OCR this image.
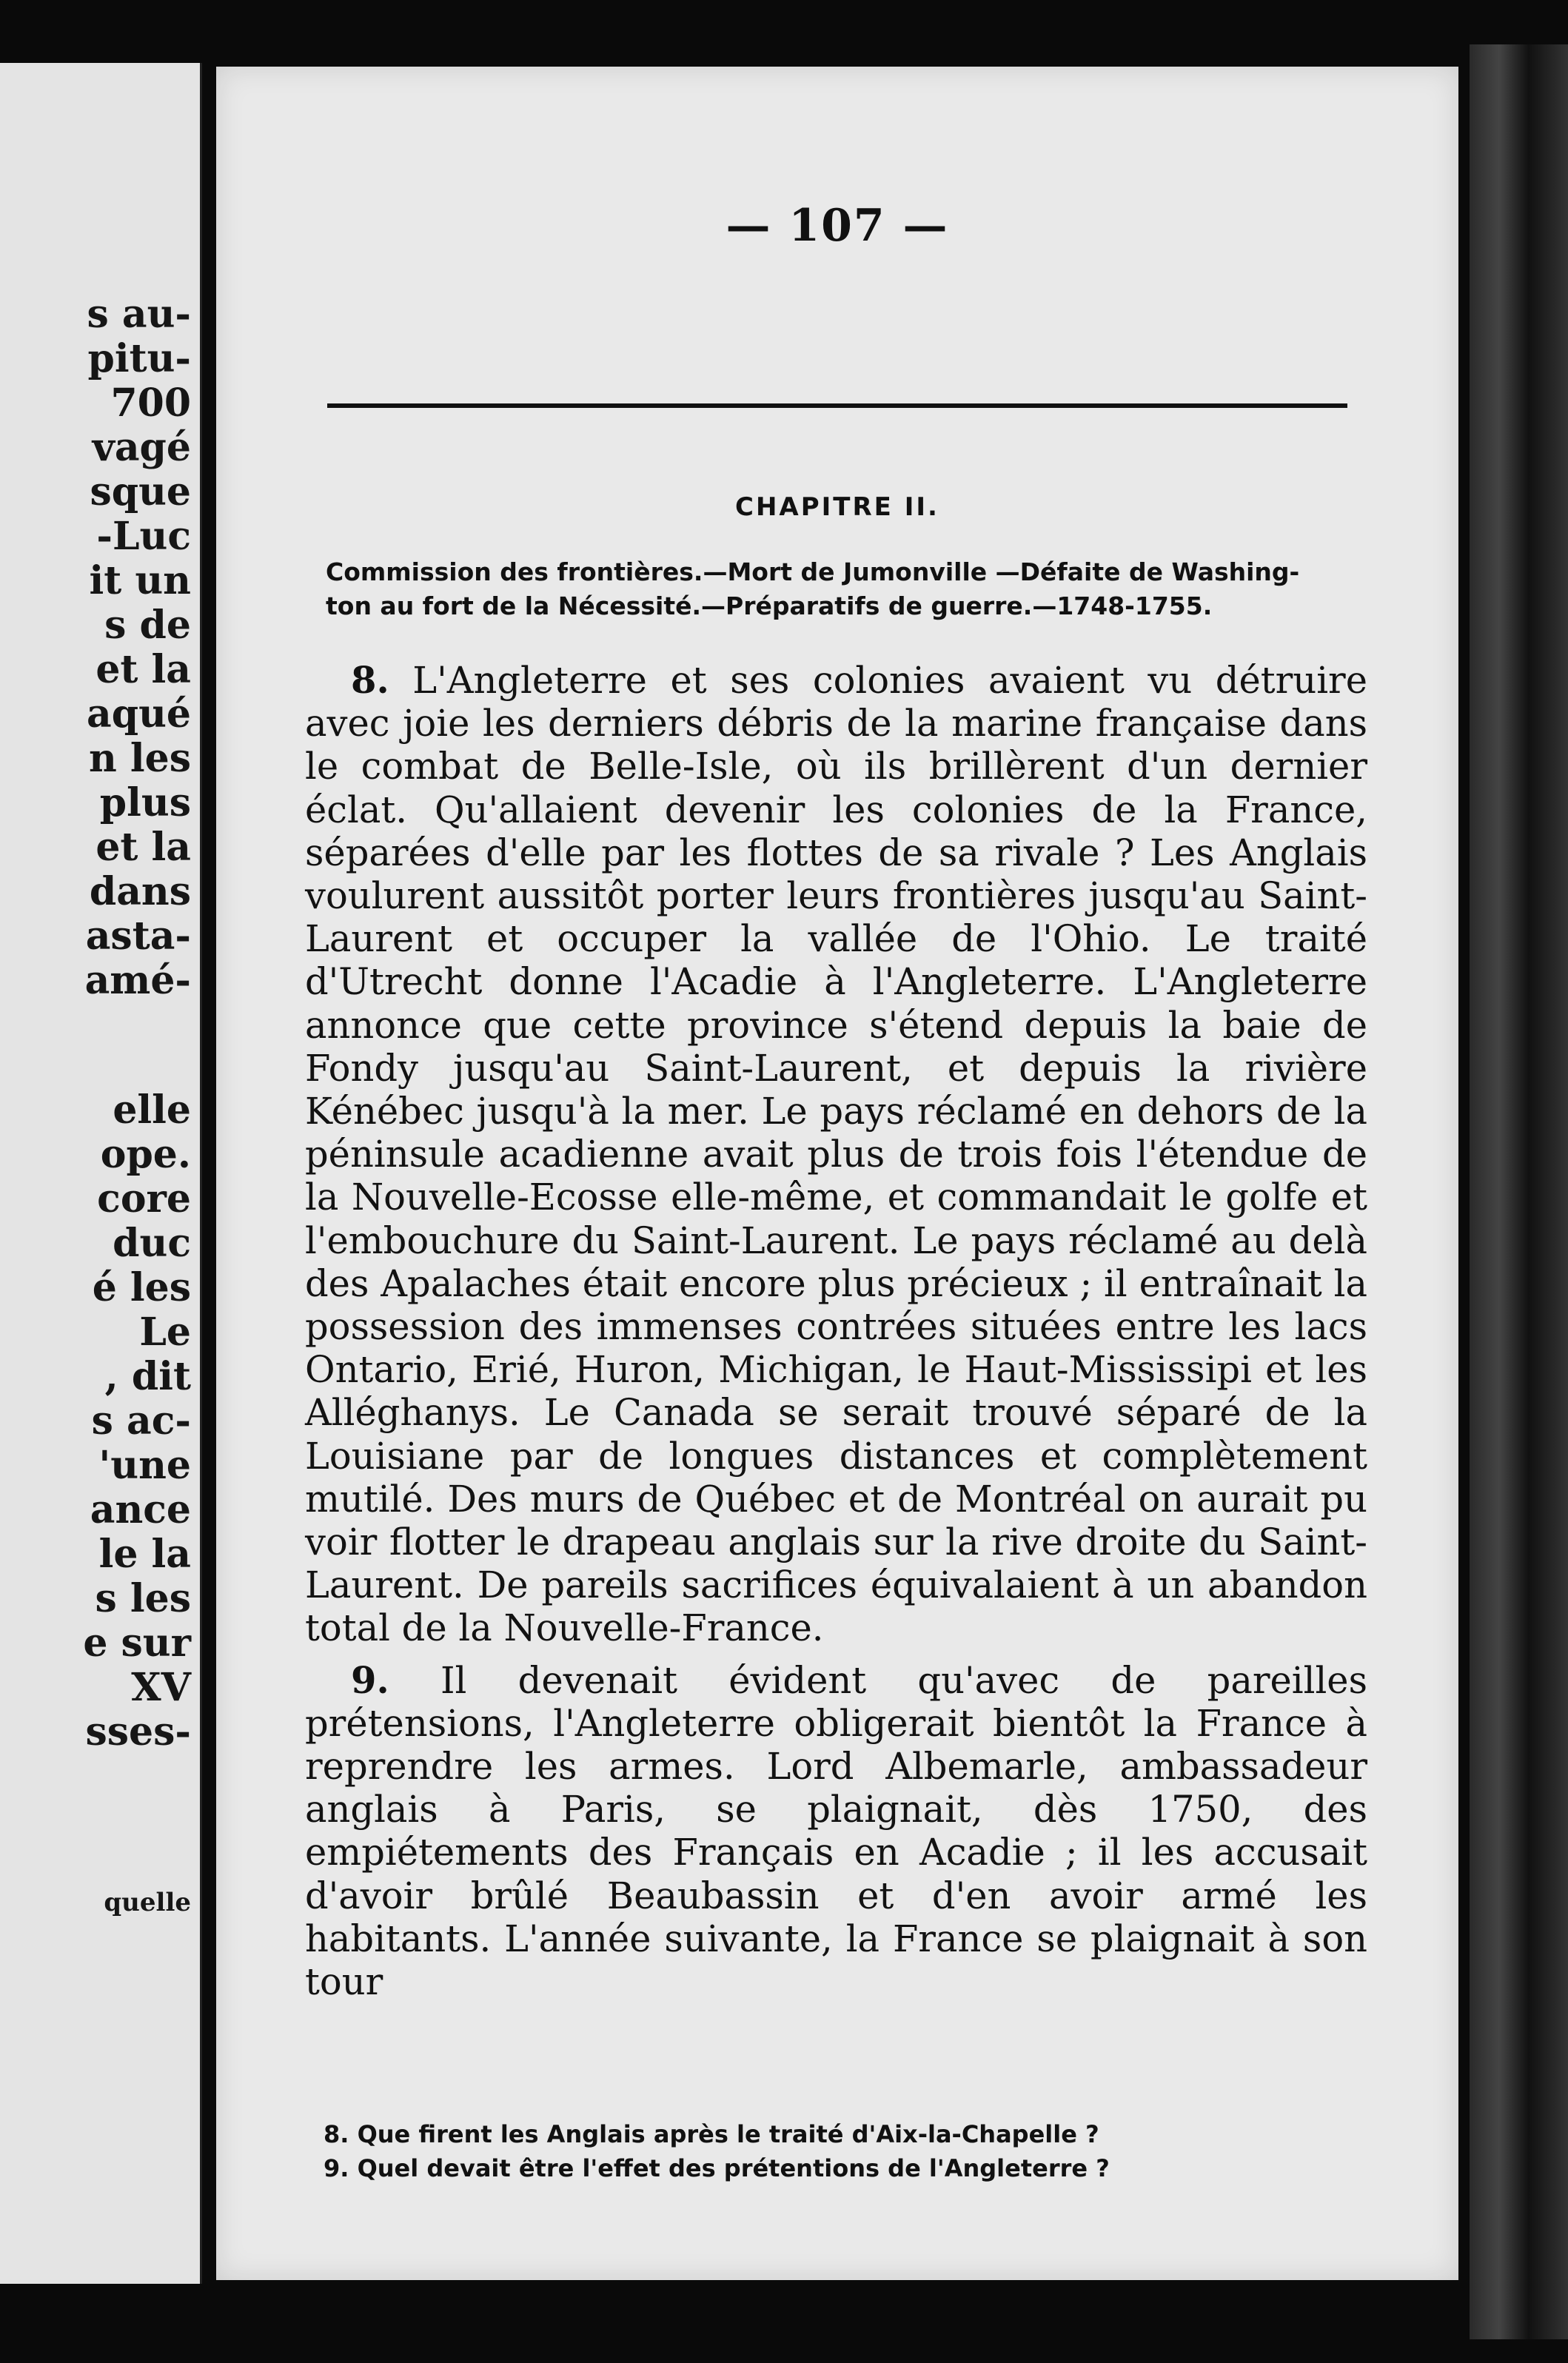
s au-
pitu-
700
vagé
sque
-Luc
it un
s de
et la
aqué
n les
plus
et la
dans
asta-
amé-
elle
ope.
core
duc
é les
Le
, dit
s ac-
'une
ance
le la
s les
e sur
XV
sses-
quelle
— 107 —
CHAPITRE II.
Commission des frontières.—Mort de Jumonville —Défaite de Washing-
ton au fort de la Nécessité.—Préparatifs de guerre.—1748-1755.

8. L'Angleterre et ses colonies avaient vu détruire avec joie les derniers débris de la marine française dans le combat de Belle-Isle, où ils brillèrent d'un dernier éclat. Qu'allaient devenir les colonies de la France, séparées d'elle par les flottes de sa rivale ? Les Anglais voulurent aussitôt porter leurs frontières jusqu'au Saint-Laurent et occuper la vallée de l'Ohio. Le traité d'Utrecht donne l'Acadie à l'Angleterre. L'Angleterre annonce que cette province s'étend depuis la baie de Fondy jusqu'au Saint-Laurent, et depuis la rivière Kénébec jusqu'à la mer. Le pays réclamé en dehors de la péninsule acadienne avait plus de trois fois l'étendue de la Nouvelle-Ecosse elle-même, et commandait le golfe et l'embouchure du Saint-Laurent. Le pays réclamé au delà des Apalaches était encore plus précieux ; il entraînait la possession des immenses contrées situées entre les lacs Ontario, Erié, Huron, Michigan, le Haut-Mississipi et les Alléghanys. Le Canada se serait trouvé séparé de la Louisiane par de longues distances et complètement mutilé. Des murs de Québec et de Montréal on aurait pu voir flotter le drapeau anglais sur la rive droite du Saint-Laurent. De pareils sacrifices équivalaient à un abandon total de la Nouvelle-France.

9. Il devenait évident qu'avec de pareilles prétensions, l'Angleterre obligerait bientôt la France à reprendre les armes. Lord Albemarle, ambassadeur anglais à Paris, se plaignait, dès 1750, des empiétements des Français en Acadie ; il les accusait d'avoir brûlé Beaubassin et d'en avoir armé les habitants. L'année suivante, la France se plaignait à son tour

8. Que firent les Anglais après le traité d'Aix-la-Chapelle ?
9. Quel devait être l'effet des prétentions de l'Angleterre ?
